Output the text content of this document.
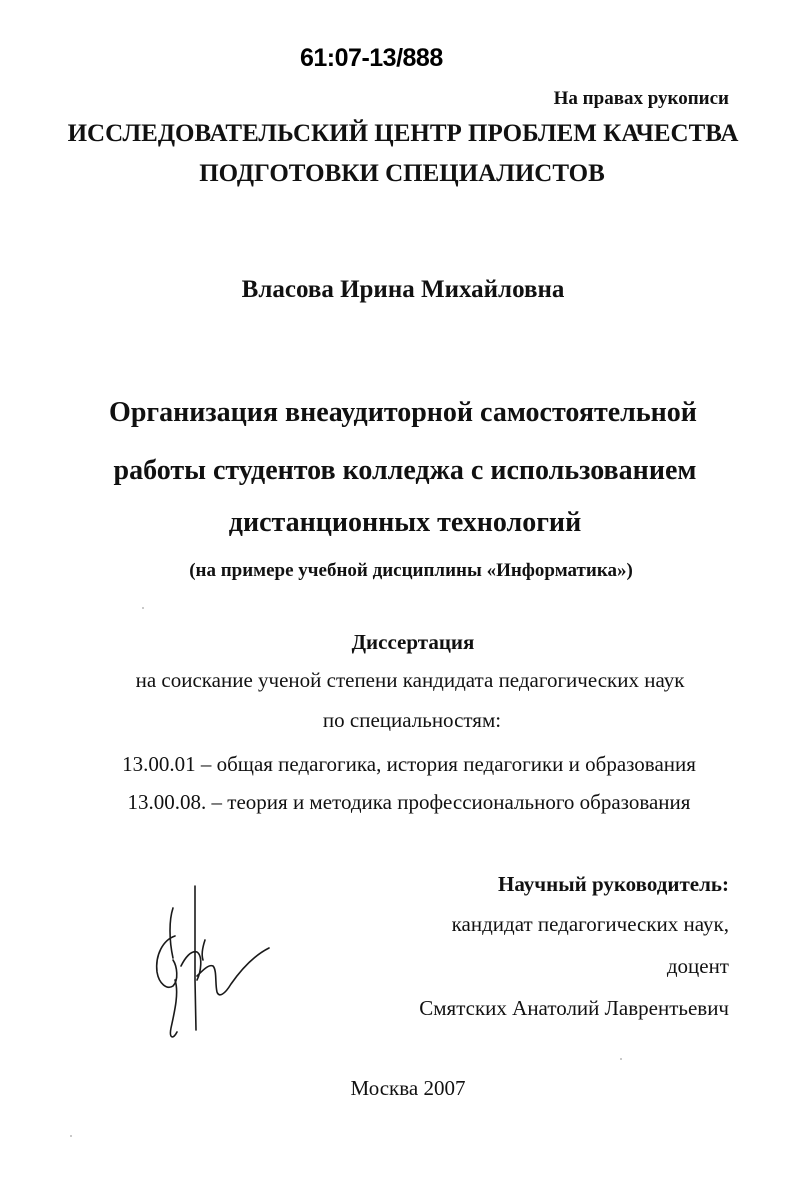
61:07-13/888
На правах рукописи
ИССЛЕДОВАТЕЛЬСКИЙ ЦЕНТР ПРОБЛЕМ КАЧЕСТВА
ПОДГОТОВКИ СПЕЦИАЛИСТОВ
Власова Ирина Михайловна
Организация внеаудиторной самостоятельной
работы студентов колледжа с использованием
дистанционных технологий
(на примере учебной дисциплины «Информатика»)
Диссертация
на соискание ученой степени кандидата педагогических наук
по специальностям:
13.00.01 – общая педагогика, история педагогики и образования
13.00.08. – теория и методика профессионального образования
Научный руководитель:
кандидат педагогических наук,
доцент
Смятских Анатолий Лаврентьевич
Москва 2007
